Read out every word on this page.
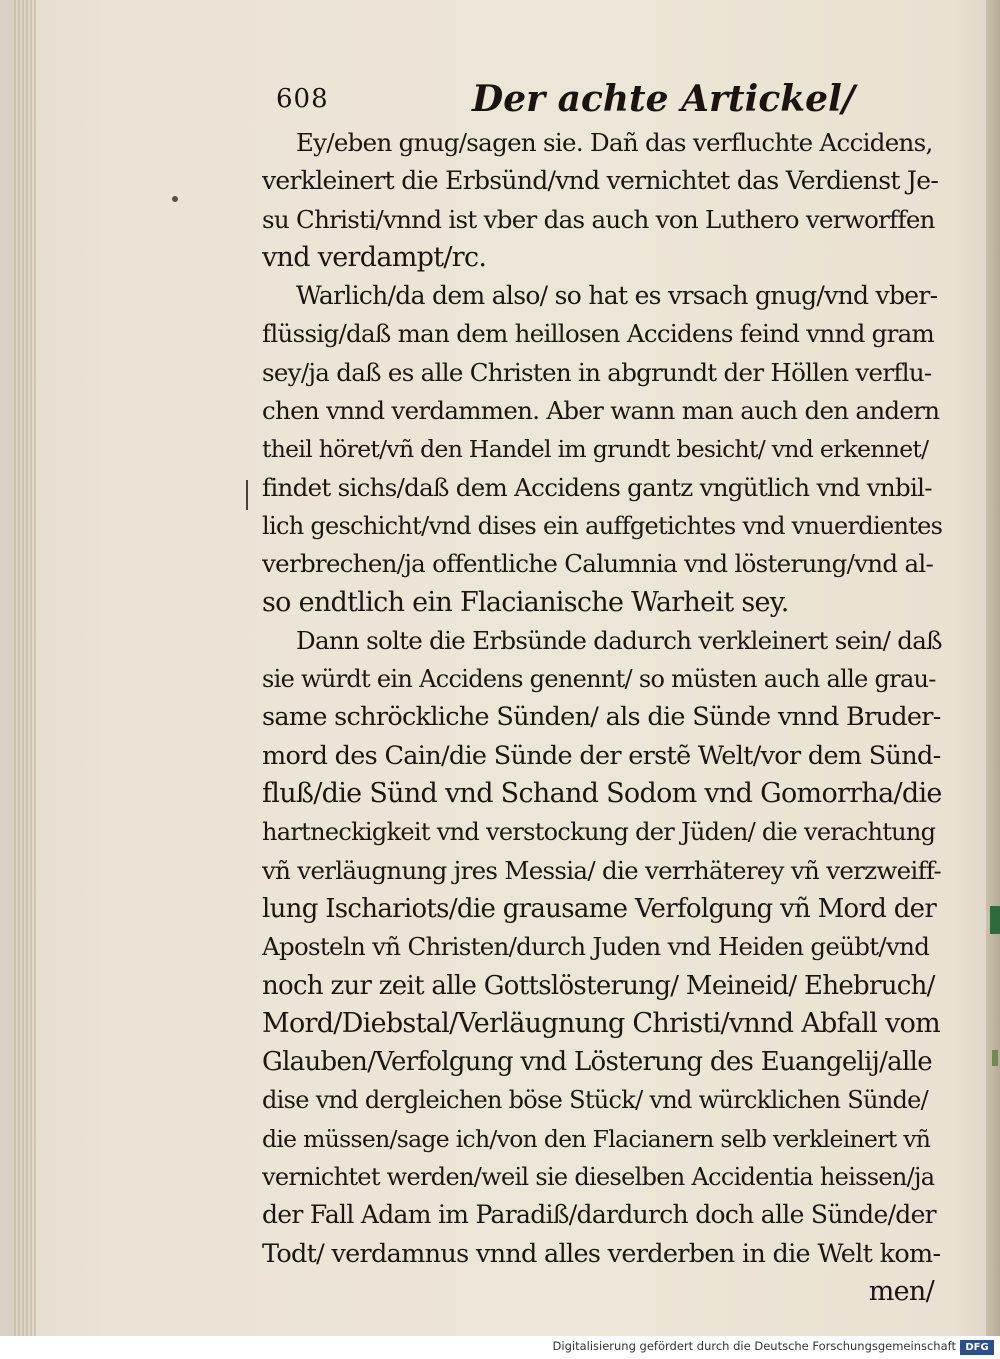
608	Der achte Artickel/
Ey/eben gnug/sagen sie. Dañ das verfluchte Accidens,
verkleinert die Erbsünd/vnd vernichtet das Verdienst Je-
su Christi/vnnd ist vber das auch von Luthero verworffen
vnd verdampt/rc.
Warlich/da dem also/ so hat es vrsach gnug/vnd vber-
flüssig/daß man dem heillosen Accidens feind vnnd gram
sey/ja daß es alle Christen in abgrundt der Höllen verflu-
chen vnnd verdammen. Aber wann man auch den andern
theil höret/vñ den Handel im grundt besicht/ vnd erkennet/
findet sichs/daß dem Accidens gantz vngütlich vnd vnbil-
lich geschicht/vnd dises ein auffgetichtes vnd vnuerdientes
verbrechen/ja offentliche Calumnia vnd lösterung/vnd al-
so endtlich ein Flacianische Warheit sey.
Dann solte die Erbsünde dadurch verkleinert sein/ daß
sie würdt ein Accidens genennt/ so müsten auch alle grau-
same schröckliche Sünden/ als die Sünde vnnd Bruder-
mord des Cain/die Sünde der erstẽ Welt/vor dem Sünd-
fluß/die Sünd vnd Schand Sodom vnd Gomorrha/die
hartneckigkeit vnd verstockung der Jüden/ die verachtung
vñ verläugnung jres Messia/ die verrhäterey vñ verzweiff-
lung Ischariots/die grausame Verfolgung vñ Mord der
Aposteln vñ Christen/durch Juden vnd Heiden geübt/vnd
noch zur zeit alle Gottslösterung/ Meineid/ Ehebruch/
Mord/Diebstal/Verläugnung Christi/vnnd Abfall vom
Glauben/Verfolgung vnd Lösterung des Euangelij/alle
dise vnd dergleichen böse Stück/ vnd würcklichen Sünde/
die müssen/sage ich/von den Flacianern selb verkleinert vñ
vernichtet werden/weil sie dieselben Accidentia heissen/ja
der Fall Adam im Paradiß/dardurch doch alle Sünde/der
Todt/ verdamnus vnnd alles verderben in die Welt kom-
men/
Digitalisierung gefördert durch die Deutsche Forschungsgemeinschaft DFG
